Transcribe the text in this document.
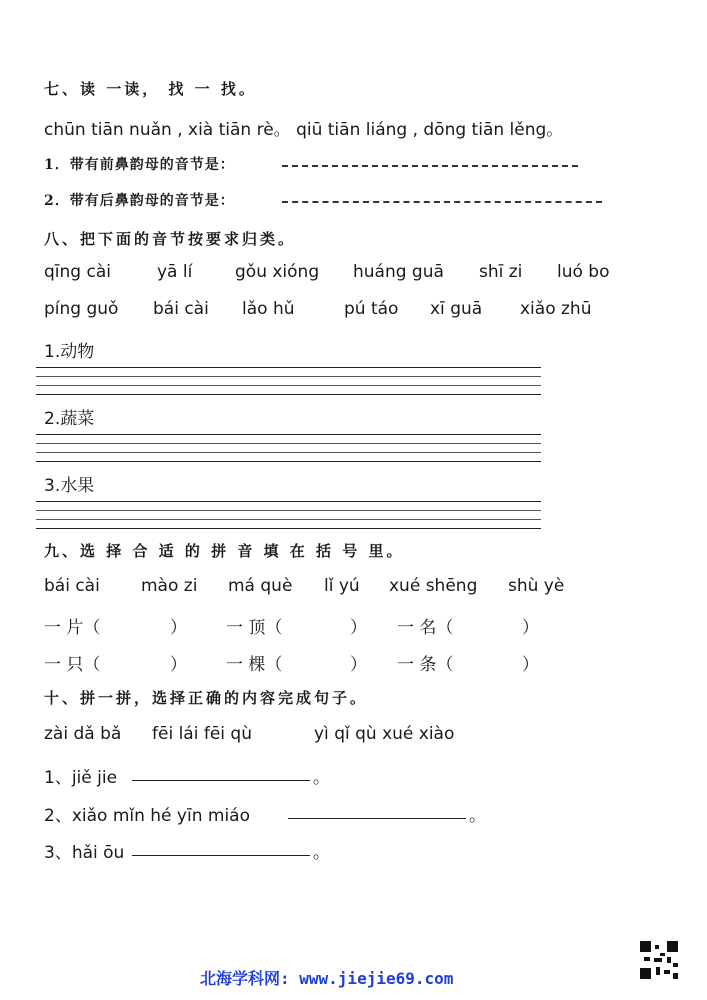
七、读 一读， 找 一 找。
chūn tiān nuǎn , xià tiān rè。 qiū tiān liáng , dōng tiān lěng。
1．带有前鼻韵母的音节是：
2．带有后鼻韵母的音节是：
八、把下面的音节按要求归类。
qīng cài	yā lí	gǒu xióng huáng guā shī zi luó bo
píng guǒ bái cài lǎo hǔ	pú táo xī guā xiǎo zhū
1.动物
2.蔬菜
3.水果
九、选 择 合 适 的 拼 音 填 在 括 号 里。
bái cài mào zi má què lǐ yú xué shēng shù yè
一 片（	） 一 顶（	） 一 名（	）
一 只（	） 一 棵（	） 一 条（	）
十、拼一拼，选择正确的内容完成句子。
zài dǎ bǎ fēi lái fēi qù	yì qǐ qù xué xiào
1、jiě jie	。
2、xiǎo mǐn hé yīn miáo	。
3、hǎi ōu	。
北海学科网: www.jiejie69.com
